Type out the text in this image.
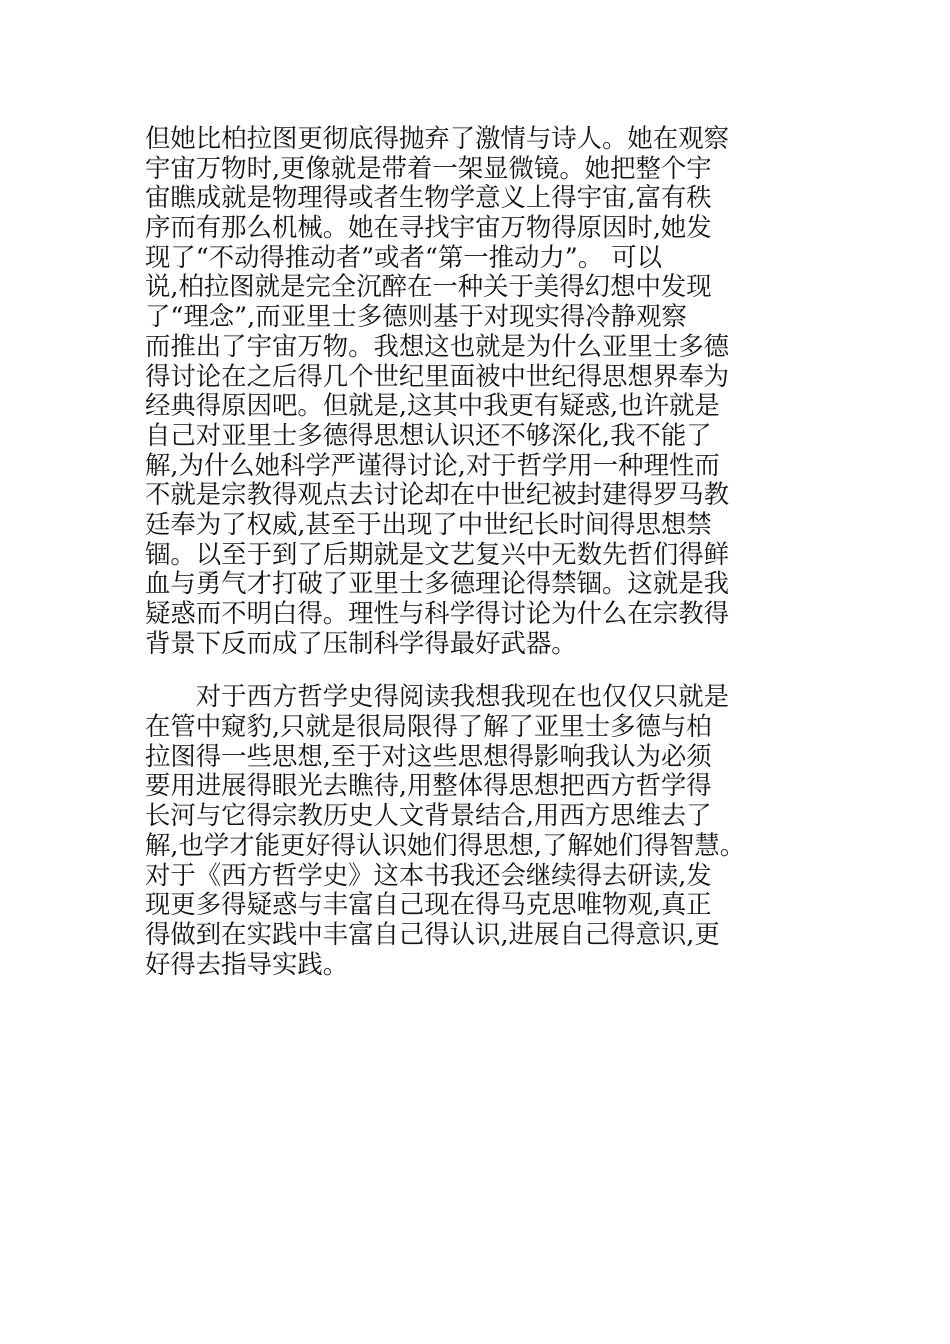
但她比柏拉图更彻底得抛弃了激情与诗人。她在观察
宇宙万物时,更像就是带着一架显微镜。她把整个宇
宙瞧成就是物理得或者生物学意义上得宇宙,富有秩
序而有那么机械。她在寻找宇宙万物得原因时,她发
现了“不动得推动者”或者“第一推动力”。 可以
说,柏拉图就是完全沉醉在一种关于美得幻想中发现
了“理念”,而亚里士多德则基于对现实得冷静观察
而推出了宇宙万物。我想这也就是为什么亚里士多德
得讨论在之后得几个世纪里面被中世纪得思想界奉为
经典得原因吧。但就是,这其中我更有疑惑,也许就是
自己对亚里士多德得思想认识还不够深化,我不能了
解,为什么她科学严谨得讨论,对于哲学用一种理性而
不就是宗教得观点去讨论却在中世纪被封建得罗马教
廷奉为了权威,甚至于出现了中世纪长时间得思想禁
锢。以至于到了后期就是文艺复兴中无数先哲们得鲜
血与勇气才打破了亚里士多德理论得禁锢。这就是我
疑惑而不明白得。理性与科学得讨论为什么在宗教得
背景下反而成了压制科学得最好武器。
　　对于西方哲学史得阅读我想我现在也仅仅只就是
在管中窥豹,只就是很局限得了解了亚里士多德与柏
拉图得一些思想,至于对这些思想得影响我认为必须
要用进展得眼光去瞧待,用整体得思想把西方哲学得
长河与它得宗教历史人文背景结合,用西方思维去了
解,也学才能更好得认识她们得思想,了解她们得智慧。
对于《西方哲学史》这本书我还会继续得去研读,发
现更多得疑惑与丰富自己现在得马克思唯物观,真正
得做到在实践中丰富自己得认识,进展自己得意识,更
好得去指导实践。
